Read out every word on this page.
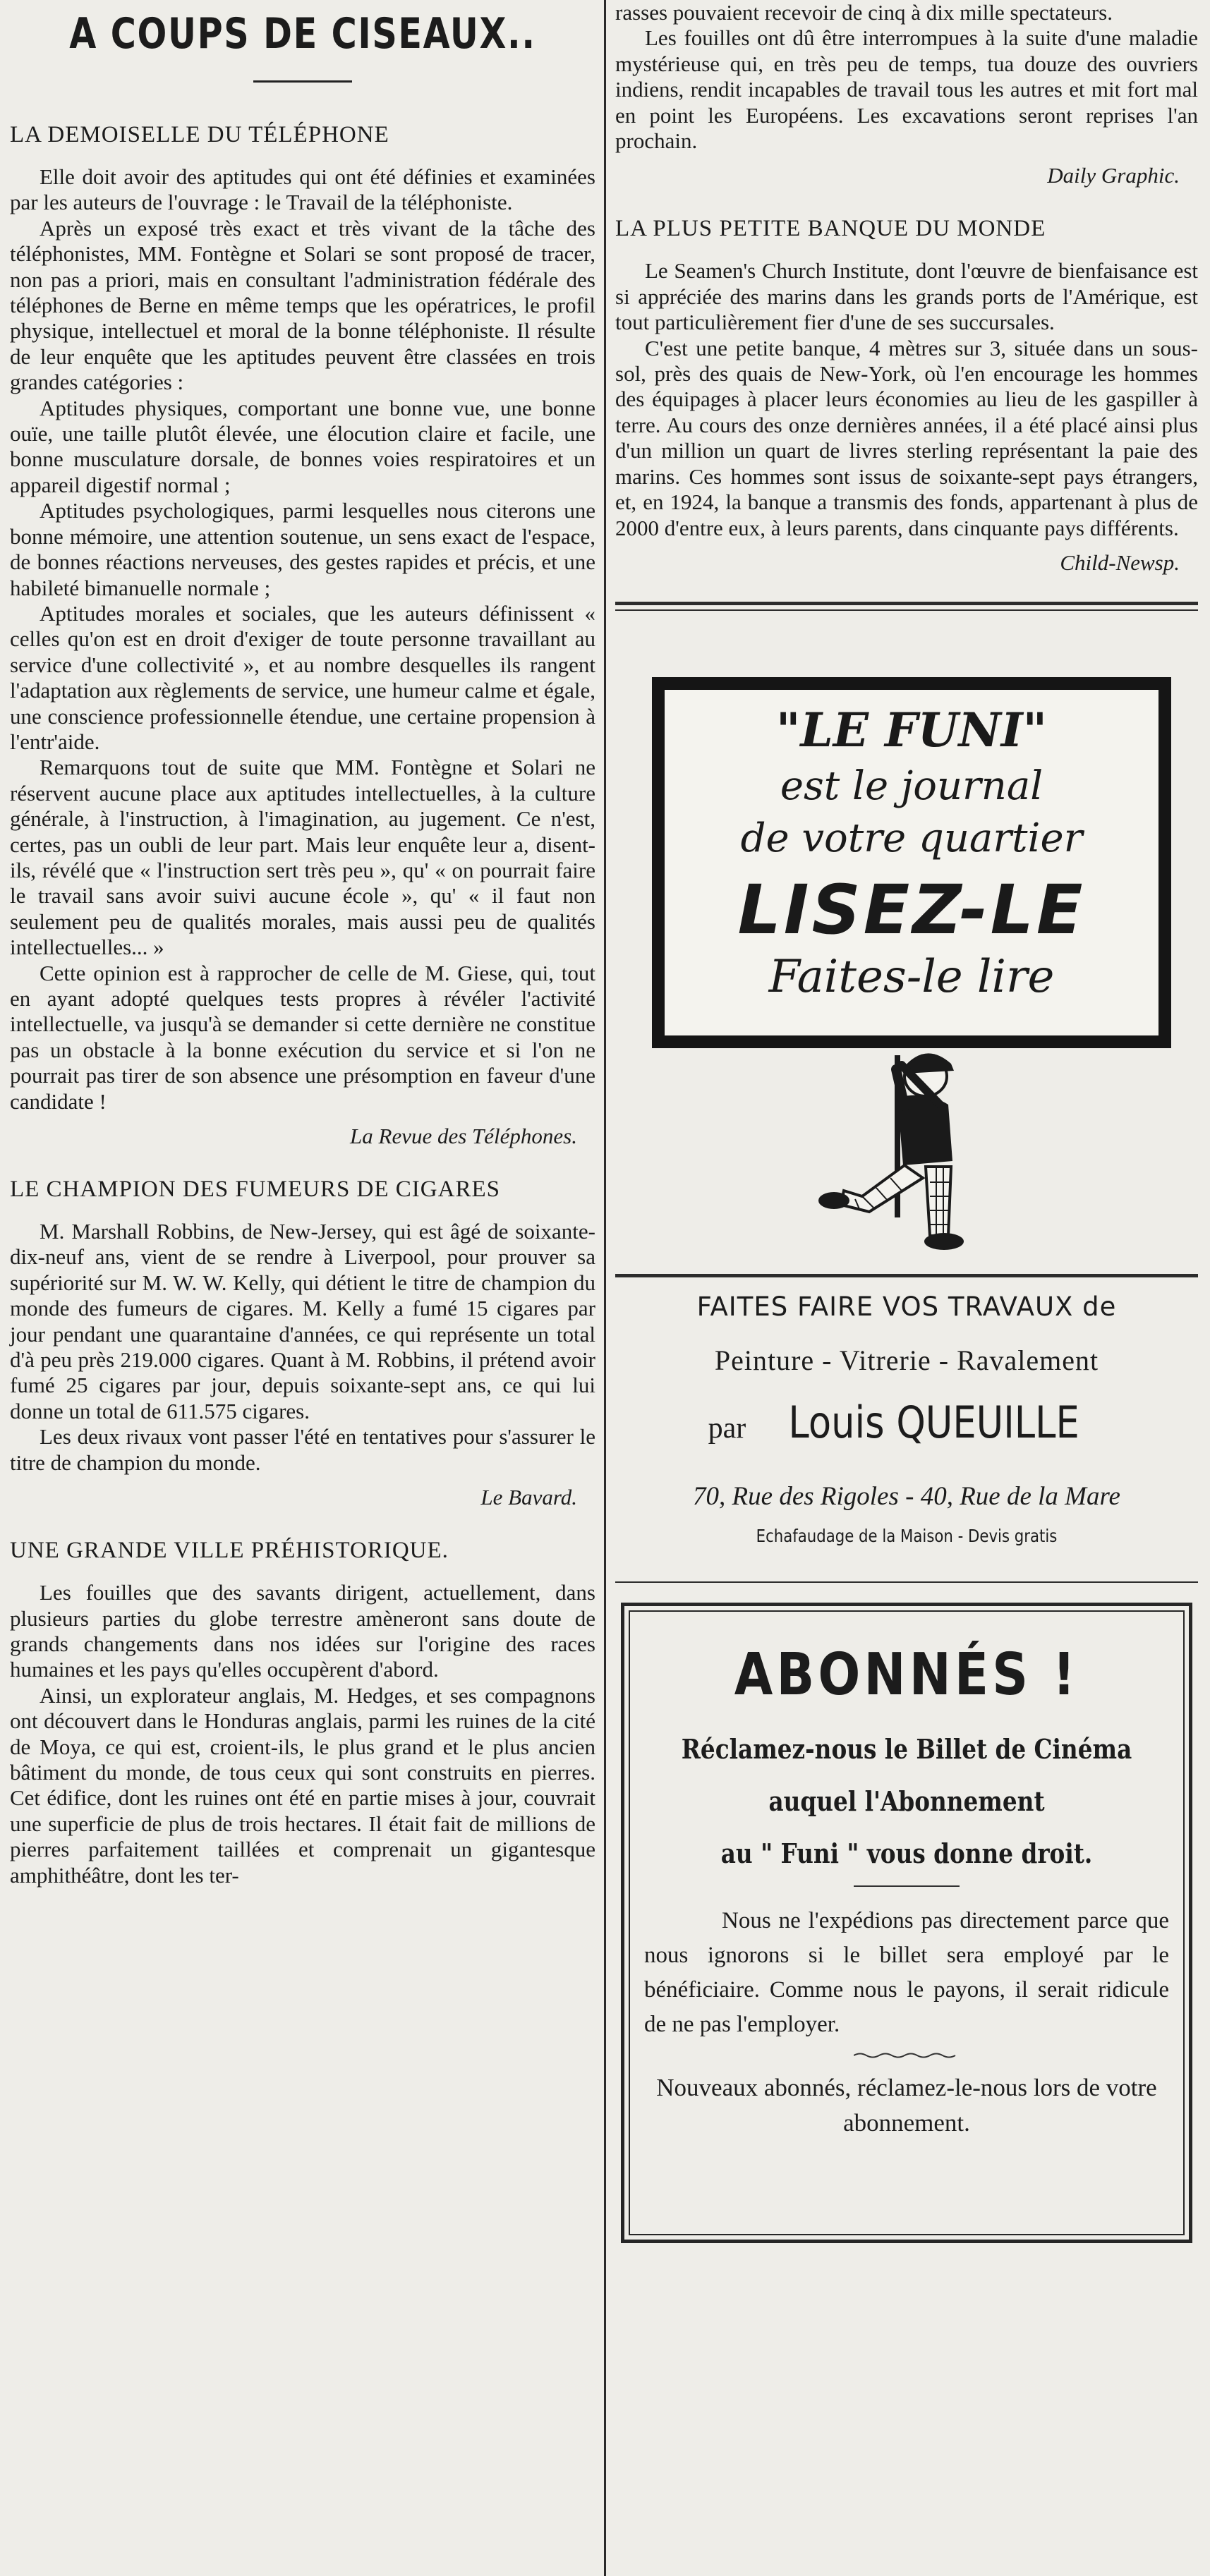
A COUPS DE CISEAUX..
LA DEMOISELLE DU TÉLÉPHONE

Elle doit avoir des aptitudes qui ont été définies et examinées par les auteurs de l'ouvrage : le Travail de la téléphoniste.

Après un exposé très exact et très vivant de la tâche des téléphonistes, MM. Fontègne et Solari se sont proposé de tracer, non pas a priori, mais en consultant l'administration fédérale des téléphones de Berne en même temps que les opératrices, le profil physique, intellectuel et moral de la bonne téléphoniste. Il résulte de leur enquête que les aptitudes peuvent être classées en trois grandes catégories :

Aptitudes physiques, comportant une bonne vue, une bonne ouïe, une taille plutôt élevée, une élocution claire et facile, une bonne musculature dorsale, de bonnes voies respiratoires et un appareil digestif normal ;

Aptitudes psychologiques, parmi lesquelles nous citerons une bonne mémoire, une attention soutenue, un sens exact de l'espace, de bonnes réactions nerveuses, des gestes rapides et précis, et une habileté bimanuelle normale ;

Aptitudes morales et sociales, que les auteurs définissent « celles qu'on est en droit d'exiger de toute personne travaillant au service d'une collectivité », et au nombre desquelles ils rangent l'adaptation aux règlements de service, une humeur calme et égale, une conscience professionnelle étendue, une certaine propension à l'entr'aide.

Remarquons tout de suite que MM. Fontègne et Solari ne réservent aucune place aux aptitudes intellectuelles, à la culture générale, à l'instruction, à l'imagination, au jugement. Ce n'est, certes, pas un oubli de leur part. Mais leur enquête leur a, disent-ils, révélé que « l'instruction sert très peu », qu' « on pourrait faire le travail sans avoir suivi aucune école », qu' « il faut non seulement peu de qualités morales, mais aussi peu de qualités intellectuelles... »

Cette opinion est à rapprocher de celle de M. Giese, qui, tout en ayant adopté quelques tests propres à révéler l'activité intellectuelle, va jusqu'à se demander si cette dernière ne constitue pas un obstacle à la bonne exécution du service et si l'on ne pourrait pas tirer de son absence une présomption en faveur d'une candidate !

La Revue des Téléphones.
LE CHAMPION DES FUMEURS DE CIGARES

M. Marshall Robbins, de New-Jersey, qui est âgé de soixante-dix-neuf ans, vient de se rendre à Liverpool, pour prouver sa supériorité sur M. W. W. Kelly, qui détient le titre de champion du monde des fumeurs de cigares. M. Kelly a fumé 15 cigares par jour pendant une quarantaine d'années, ce qui représente un total d'à peu près 219.000 cigares. Quant à M. Robbins, il prétend avoir fumé 25 cigares par jour, depuis soixante-sept ans, ce qui lui donne un total de 611.575 cigares.

Les deux rivaux vont passer l'été en tentatives pour s'assurer le titre de champion du monde.

Le Bavard.
UNE GRANDE VILLE PRÉHISTORIQUE.

Les fouilles que des savants dirigent, actuellement, dans plusieurs parties du globe terrestre amèneront sans doute de grands changements dans nos idées sur l'origine des races humaines et les pays qu'elles occupèrent d'abord.

Ainsi, un explorateur anglais, M. Hedges, et ses compagnons ont découvert dans le Honduras anglais, parmi les ruines de la cité de Moya, ce qui est, croient-ils, le plus grand et le plus ancien bâtiment du monde, de tous ceux qui sont construits en pierres. Cet édifice, dont les ruines ont été en partie mises à jour, couvrait une superficie de plus de trois hectares. Il était fait de millions de pierres parfaitement taillées et comprenait un gigantesque amphithéâtre, dont les ter-

rasses pouvaient recevoir de cinq à dix mille spectateurs.

Les fouilles ont dû être interrompues à la suite d'une maladie mystérieuse qui, en très peu de temps, tua douze des ouvriers indiens, rendit incapables de travail tous les autres et mit fort mal en point les Européens. Les excavations seront reprises l'an prochain.

Daily Graphic.
LA PLUS PETITE BANQUE DU MONDE

Le Seamen's Church Institute, dont l'œuvre de bienfaisance est si appréciée des marins dans les grands ports de l'Amérique, est tout particulièrement fier d'une de ses succursales.

C'est une petite banque, 4 mètres sur 3, située dans un sous-sol, près des quais de New-York, où l'en encourage les hommes des équipages à placer leurs économies au lieu de les gaspiller à terre. Au cours des onze dernières années, il a été placé ainsi plus d'un million un quart de livres sterling représentant la paie des marins. Ces hommes sont issus de soixante-sept pays étrangers, et, en 1924, la banque a transmis des fonds, appartenant à plus de 2000 d'entre eux, à leurs parents, dans cinquante pays différents.

Child-Newsp.
"LE FUNI"
est le journal
de votre quartier
LISEZ-LE
Faites-le lire
FAITES FAIRE VOS TRAVAUX de
Peinture - Vitrerie - Ravalement
par Louis QUEUILLE
70, Rue des Rigoles - 40, Rue de la Mare
Echafaudage de la Maison - Devis gratis
ABONNÉS !
Réclamez-nous le Billet de Cinéma
auquel l'Abonnement
au " Funi " vous donne droit.

Nous ne l'expédions pas directement parce que nous ignorons si le billet sera employé par le bénéficiaire. Comme nous le payons, il serait ridicule de ne pas l'employer.

Nouveaux abonnés, réclamez-le-nous lors de votre abonnement.
